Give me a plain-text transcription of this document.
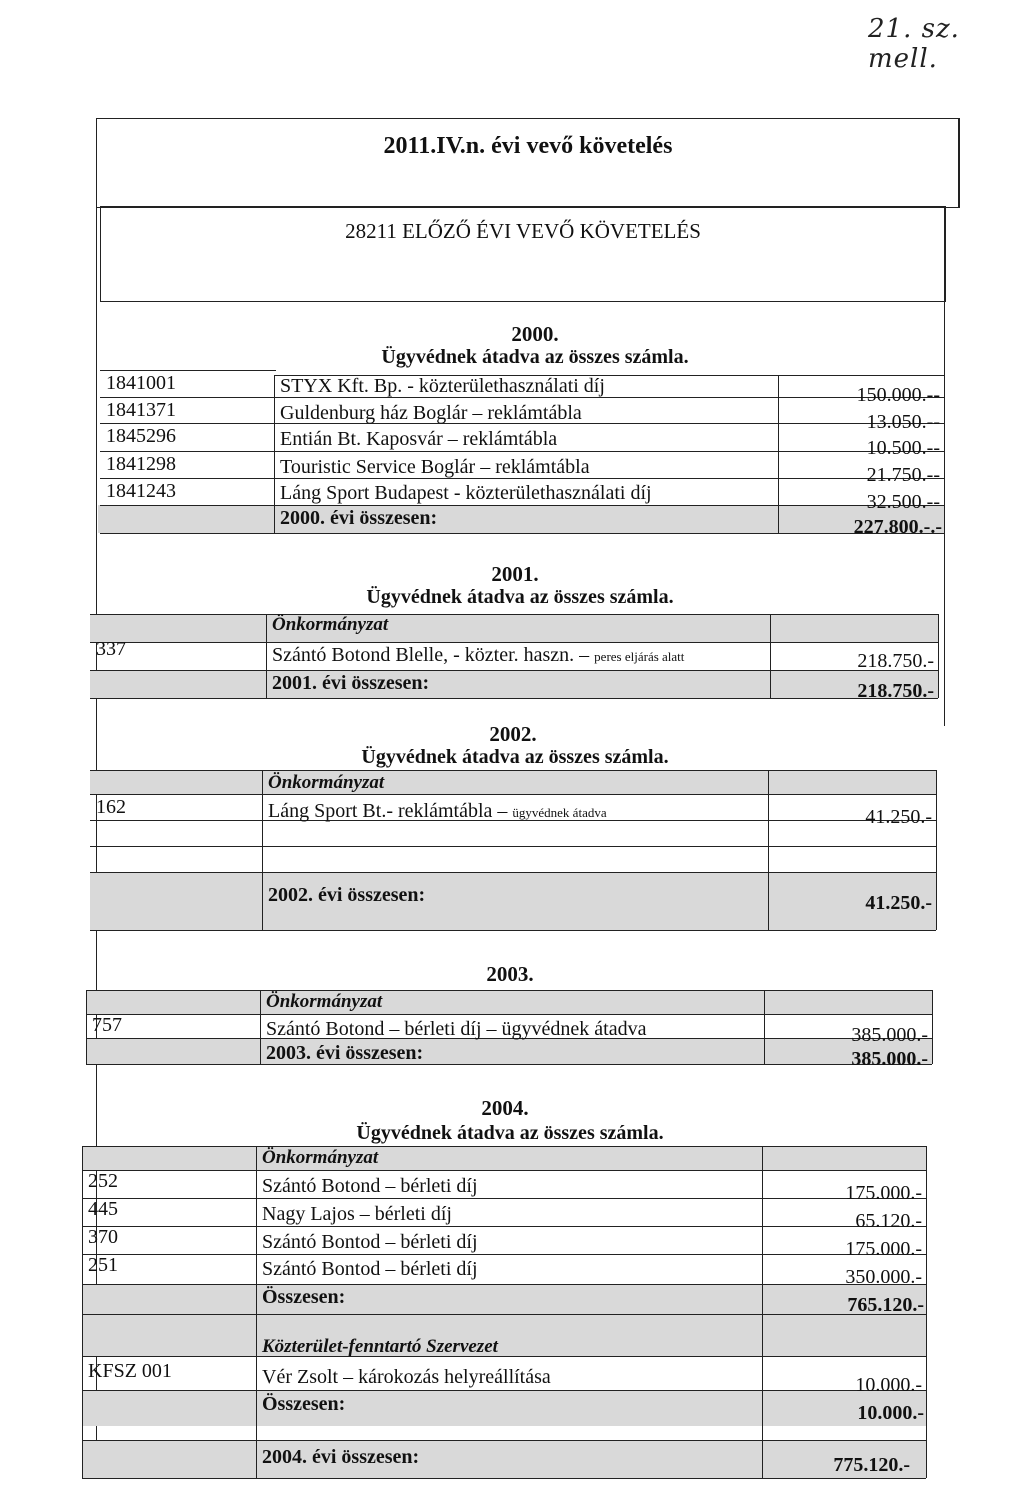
21. sz. mell.
2011.IV.n. évi vevő követelés
28211 ELŐZŐ ÉVI VEVŐ KÖVETELÉS
2000.
Ügyvédnek átadva az összes számla.
1841001	STYX Kft. Bp. - közterülethasználati díj	150.000.--
1841371	Guldenburg ház Boglár – reklámtábla	13.050.--
1845296	Entián Bt. Kaposvár – reklámtábla	10.500.--
1841298	Touristic Service Boglár – reklámtábla	21.750.--
1841243	Láng Sport Budapest - közterülethasználati díj	32.500.--
2000. évi összesen:	227.800.-.-
2001.
Ügyvédnek átadva az összes számla.
Önkormányzat
337	Szántó Botond Blelle, - közter. haszn. – peres eljárás alatt	218.750.-
2001. évi összesen:	218.750.-
2002.
Ügyvédnek átadva az összes számla.
Önkormányzat
162	Láng Sport Bt.- reklámtábla – ügyvédnek átadva	41.250.-
2002. évi összesen:	41.250.-
2003.
Önkormányzat
757	Szántó Botond – bérleti díj – ügyvédnek átadva	385.000.-
2003. évi összesen:	385.000.-
2004.
Ügyvédnek átadva az összes számla.
Önkormányzat
252	Szántó Botond – bérleti díj	175.000.-
445	Nagy Lajos – bérleti díj	65.120.-
370	Szántó Bontod – bérleti díj	175.000.-
251	Szántó Bontod – bérleti díj	350.000.-
Összesen:	765.120.-
Közterület-fenntartó Szervezet
KFSZ 001	Vér Zsolt – károkozás helyreállítása	10.000.-
Összesen:	10.000.-
2004. évi összesen:	775.120.-
